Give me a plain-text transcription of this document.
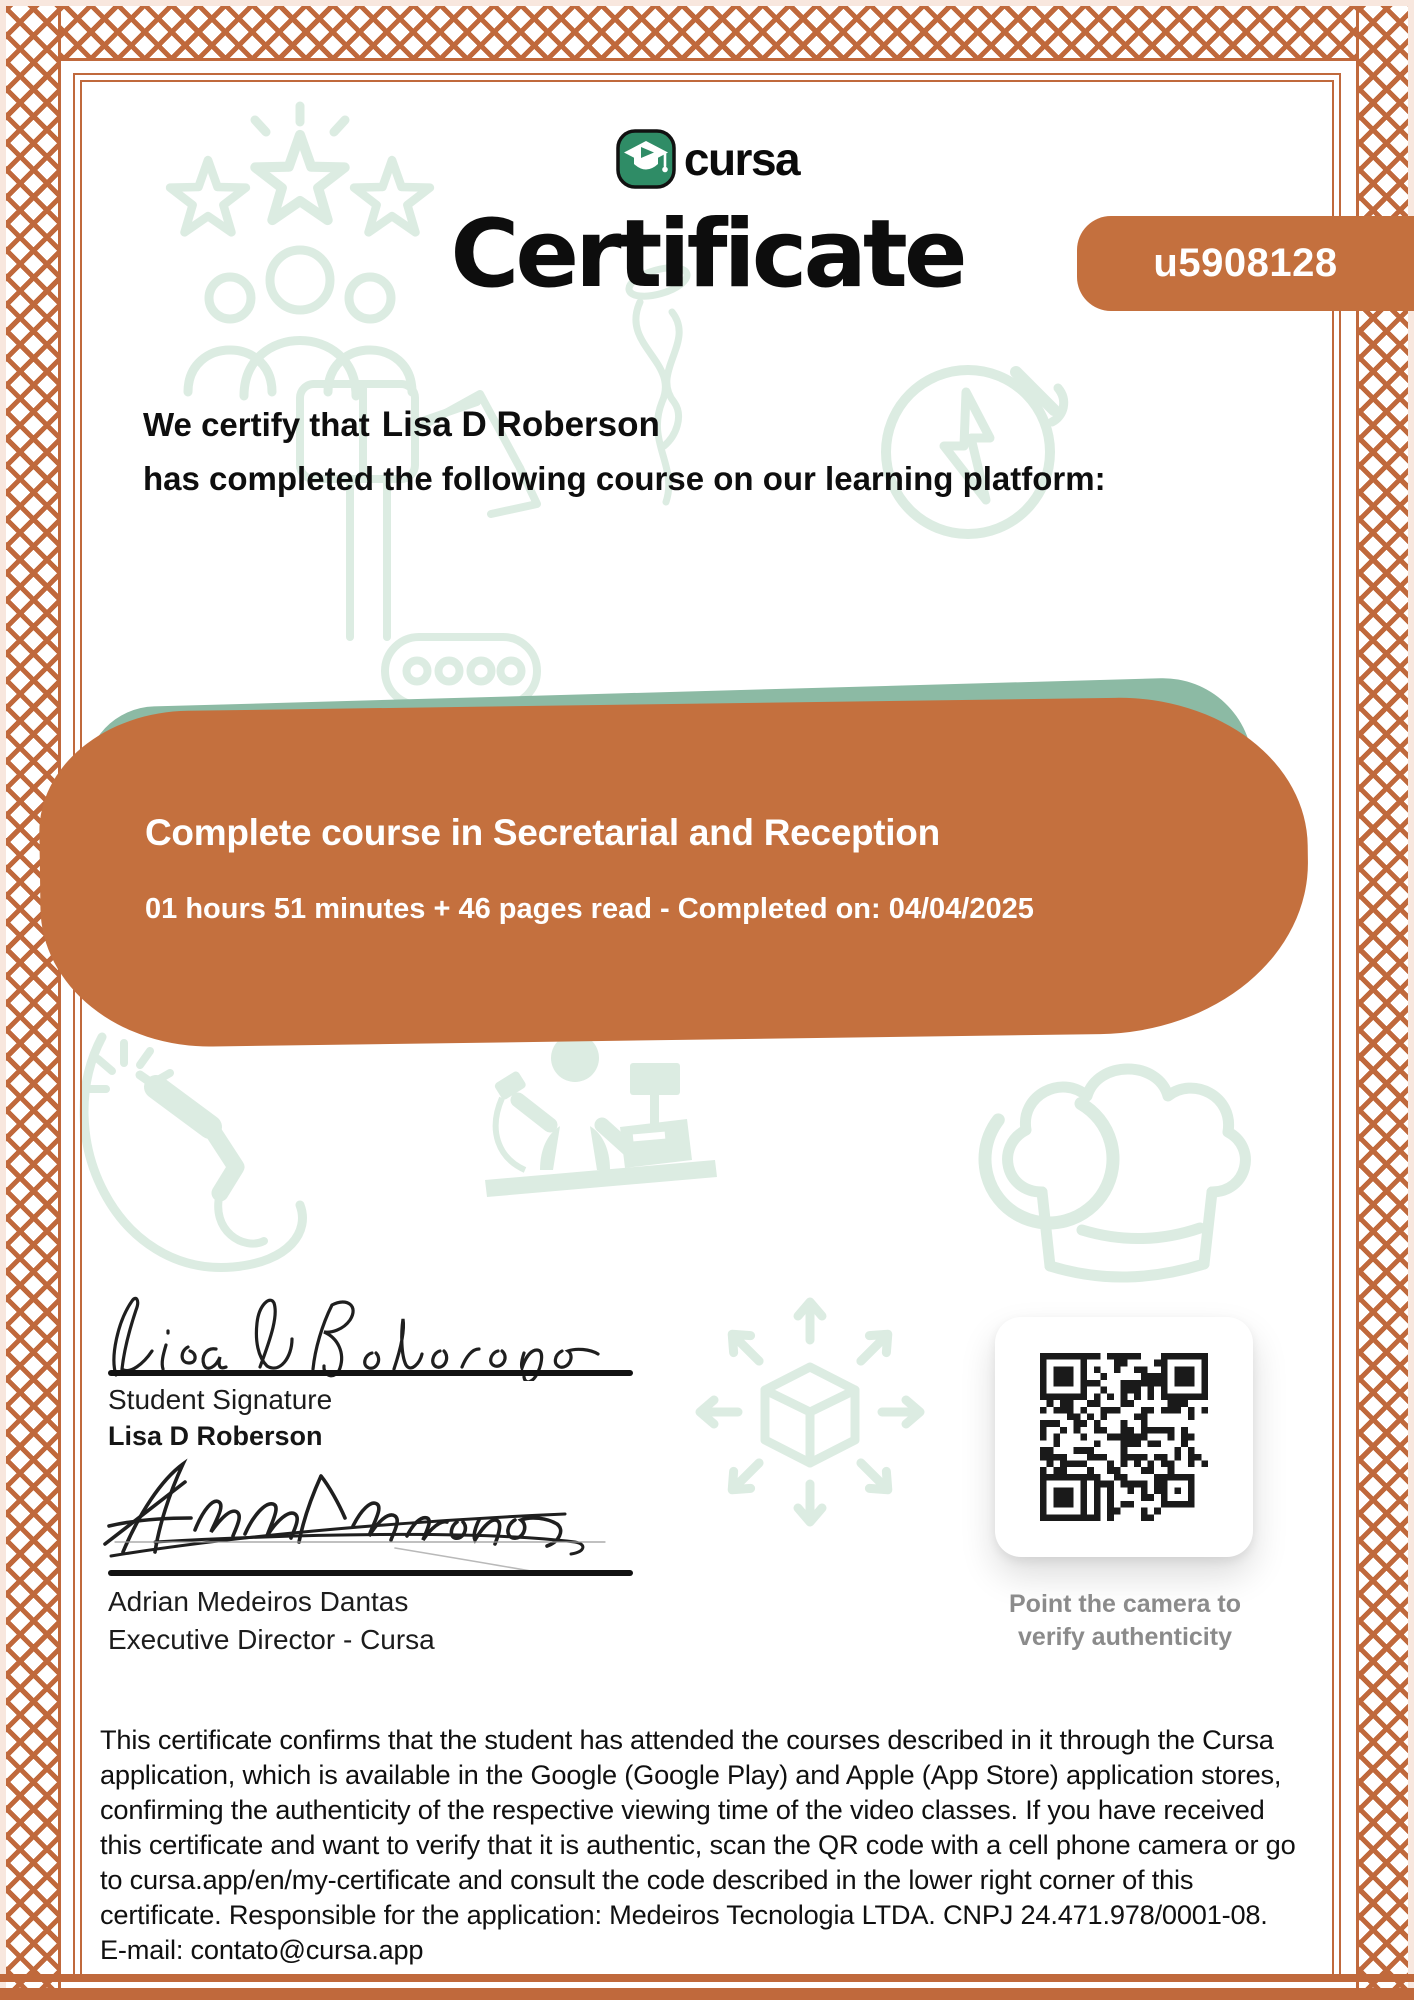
Complete course in Secretarial and Reception
01 hours 51 minutes + 46 pages read - Completed on: 04/04/2025
cursa
Certificate	u5908128
We certify that Lisa D Roberson
has completed the following course on our learning platform:
Student Signature
Lisa D Roberson
Adrian Medeiros Dantas
Executive Director - Cursa
Point the camera to
verify authenticity

This certificate confirms that the student has attended the courses described in it through the Cursa application, which is available in the Google (Google Play) and Apple (App Store) application stores, confirming the authenticity of the respective viewing time of the video classes. If you have received this certificate and want to verify that it is authentic, scan the QR code with a cell phone camera or go to cursa.app/en/my-certificate and consult the code described in the lower right corner of this certificate. Responsible for the application: Medeiros Tecnologia LTDA. CNPJ 24.471.978/0001-08.

E-mail: contato@cursa.app
